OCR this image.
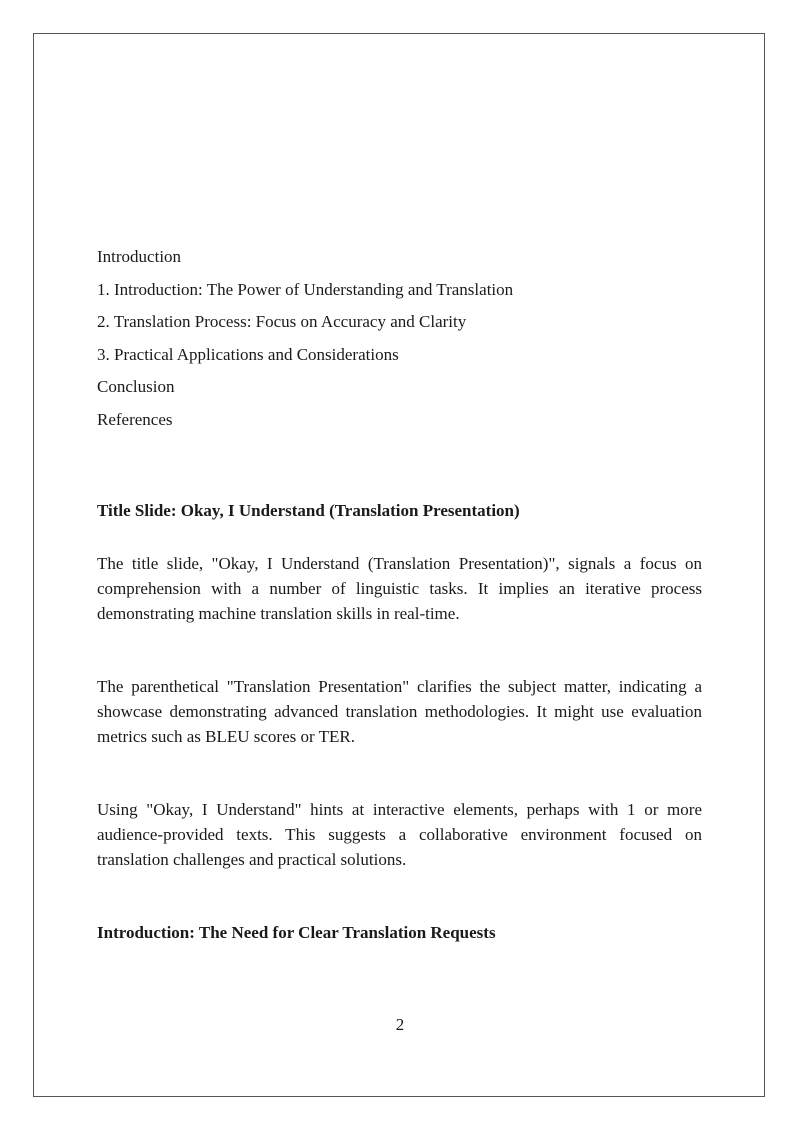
Introduction
1. Introduction: The Power of Understanding and Translation
2. Translation Process: Focus on Accuracy and Clarity
3. Practical Applications and Considerations
Conclusion
References
Title Slide: Okay, I Understand (Translation Presentation)
The title slide, "Okay, I Understand (Translation Presentation)", signals a focus on comprehension with a number of linguistic tasks. It implies an iterative process demonstrating machine translation skills in real-time.
The parenthetical "Translation Presentation" clarifies the subject matter, indicating a showcase demonstrating advanced translation methodologies. It might use evaluation metrics such as BLEU scores or TER.
Using "Okay, I Understand" hints at interactive elements, perhaps with 1 or more audience-provided texts. This suggests a collaborative environment focused on translation challenges and practical solutions.
Introduction: The Need for Clear Translation Requests
2
